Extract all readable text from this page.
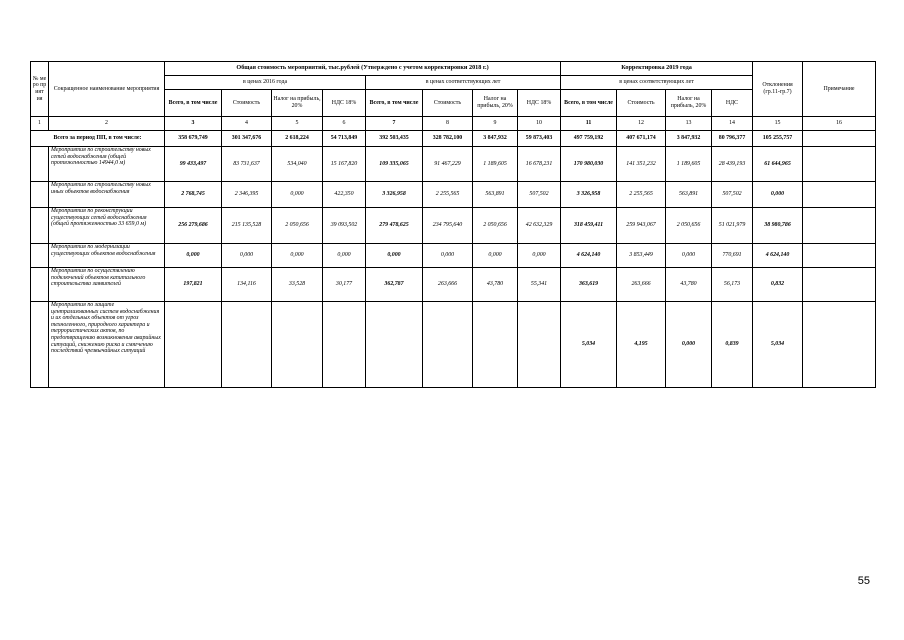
№ ме ро пр ият ия	Сокращенное наименование мероприятия	Общая стоимость мероприятий, тыс.рублей (Утверждено с учетом корректировки 2018 г.)								Корректировка 2019 года				Отклонения (гр.11-гр.7)	Примечание
		в ценах 2016 года				в ценах соответствующих лет				в ценах соответствующих лет					
		Всего, в том числе	Стоимость	Налог на прибыль, 20%	НДС 18%	Всего, в том числе	Стоимость	Налог на прибыль, 20%	НДС 18%	Всего, в том числе	Стоимость	Налог на прибыль, 20%	НДС		
1	2	3	4	5	6	7	8	9	10	11	12	13	14	15	16
Всего за период ПП, в том числе:		358 679,749	301 347,676	2 618,224	54 713,849	392 503,435	328 782,100	3 847,932	59 873,403	497 759,192	407 671,174	3 847,932	80 796,377	105 255,757	
	Мероприятия по строительству новых сетей водоснабжения (общей протяженностью 14944,0 м)	99 433,497	83 731,637	534,040	15 167,820	109 335,065	91 467,229	1 189,605	16 678,231	170 980,030	141 351,232	1 189,605	28 439,193	61 644,965	
	Мероприятия по строительству новых иных объектов водоснабжения	2 768,745	2 346,395	0,000	422,350	3 326,958	2 255,565	563,891	507,502	3 326,958	2 255,565	563,891	507,502	0,000	
	Мероприятия по реконструкции существующих сетей водоснабжения (общей протяженностью 33 659,0 м)	256 279,686	215 135,528	2 050,656	39 093,502	279 478,625	234 795,640	2 050,656	42 632,329	318 459,411	259 943,067	2 050,656	51 021,979	38 980,786	
	Мероприятия по модернизации существующих объектов водоснабжения	0,000	0,000	0,000	0,000	0,000	0,000	0,000	0,000	4 624,140	3 853,449	0,000	770,691	4 624,140	
	Мероприятия по осуществлению подключений объектов капитального строительства заявителей	197,821	134,116	33,528	30,177	362,787	263,666	43,780	55,341	363,619	263,666	43,780	56,173	0,832	
	Мероприятия по защите централизованных систем водоснабжения и их отдельных объектов от угроз техногенного, природного характера и террористических актов, по предотвращению возникновения аварийных ситуаций, снижению риска и смягчению последствий чрезвычайных ситуаций									5,034	4,195	0,000	0,839	5,034	
55
